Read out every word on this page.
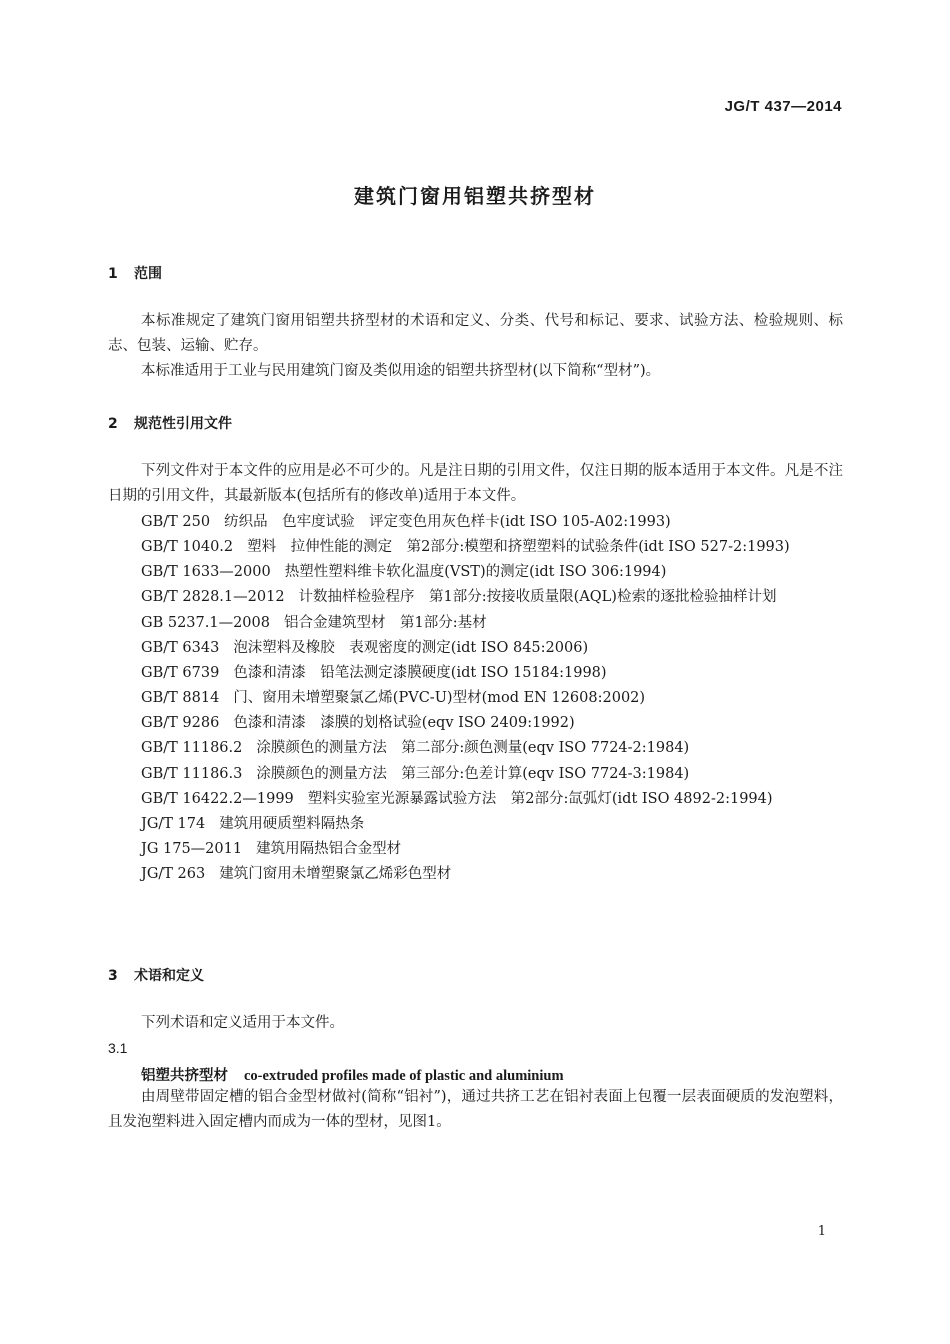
JG/T 437—2014
建筑门窗用铝塑共挤型材
1 范围

本标准规定了建筑门窗用铝塑共挤型材的术语和定义、分类、代号和标记、要求、试验方法、检验规则、标志、包装、运输、贮存。

本标准适用于工业与民用建筑门窗及类似用途的铝塑共挤型材(以下简称“型材”)。

2 规范性引用文件

下列文件对于本文件的应用是必不可少的。凡是注日期的引用文件，仅注日期的版本适用于本文件。凡是不注日期的引用文件，其最新版本(包括所有的修改单)适用于本文件。

GB/T 250 纺织品　色牢度试验　评定变色用灰色样卡(idt ISO 105-A02:1993)
GB/T 1040.2 塑料　拉伸性能的测定　第2部分:模塑和挤塑塑料的试验条件(idt ISO 527-2:1993)
GB/T 1633—2000 热塑性塑料维卡软化温度(VST)的测定(idt ISO 306:1994)
GB/T 2828.1—2012 计数抽样检验程序　第1部分:按接收质量限(AQL)检索的逐批检验抽样计划
GB 5237.1—2008 铝合金建筑型材　第1部分:基材
GB/T 6343 泡沫塑料及橡胶　表观密度的测定(idt ISO 845:2006)
GB/T 6739 色漆和清漆　铅笔法测定漆膜硬度(idt ISO 15184:1998)
GB/T 8814 门、窗用未增塑聚氯乙烯(PVC-U)型材(mod EN 12608:2002)
GB/T 9286 色漆和清漆　漆膜的划格试验(eqv ISO 2409:1992)
GB/T 11186.2 涂膜颜色的测量方法　第二部分:颜色测量(eqv ISO 7724-2:1984)
GB/T 11186.3 涂膜颜色的测量方法　第三部分:色差计算(eqv ISO 7724-3:1984)
GB/T 16422.2—1999 塑料实验室光源暴露试验方法　第2部分:氙弧灯(idt ISO 4892-2:1994)
JG/T 174 建筑用硬质塑料隔热条
JG 175—2011 建筑用隔热铝合金型材
JG/T 263 建筑门窗用未增塑聚氯乙烯彩色型材
3 术语和定义

下列术语和定义适用于本文件。

3.1
铝塑共挤型材 co-extruded profiles made of plastic and aluminium

由周壁带固定槽的铝合金型材做衬(简称“铝衬”)，通过共挤工艺在铝衬表面上包覆一层表面硬质的发泡塑料，且发泡塑料进入固定槽内而成为一体的型材，见图1。

1
